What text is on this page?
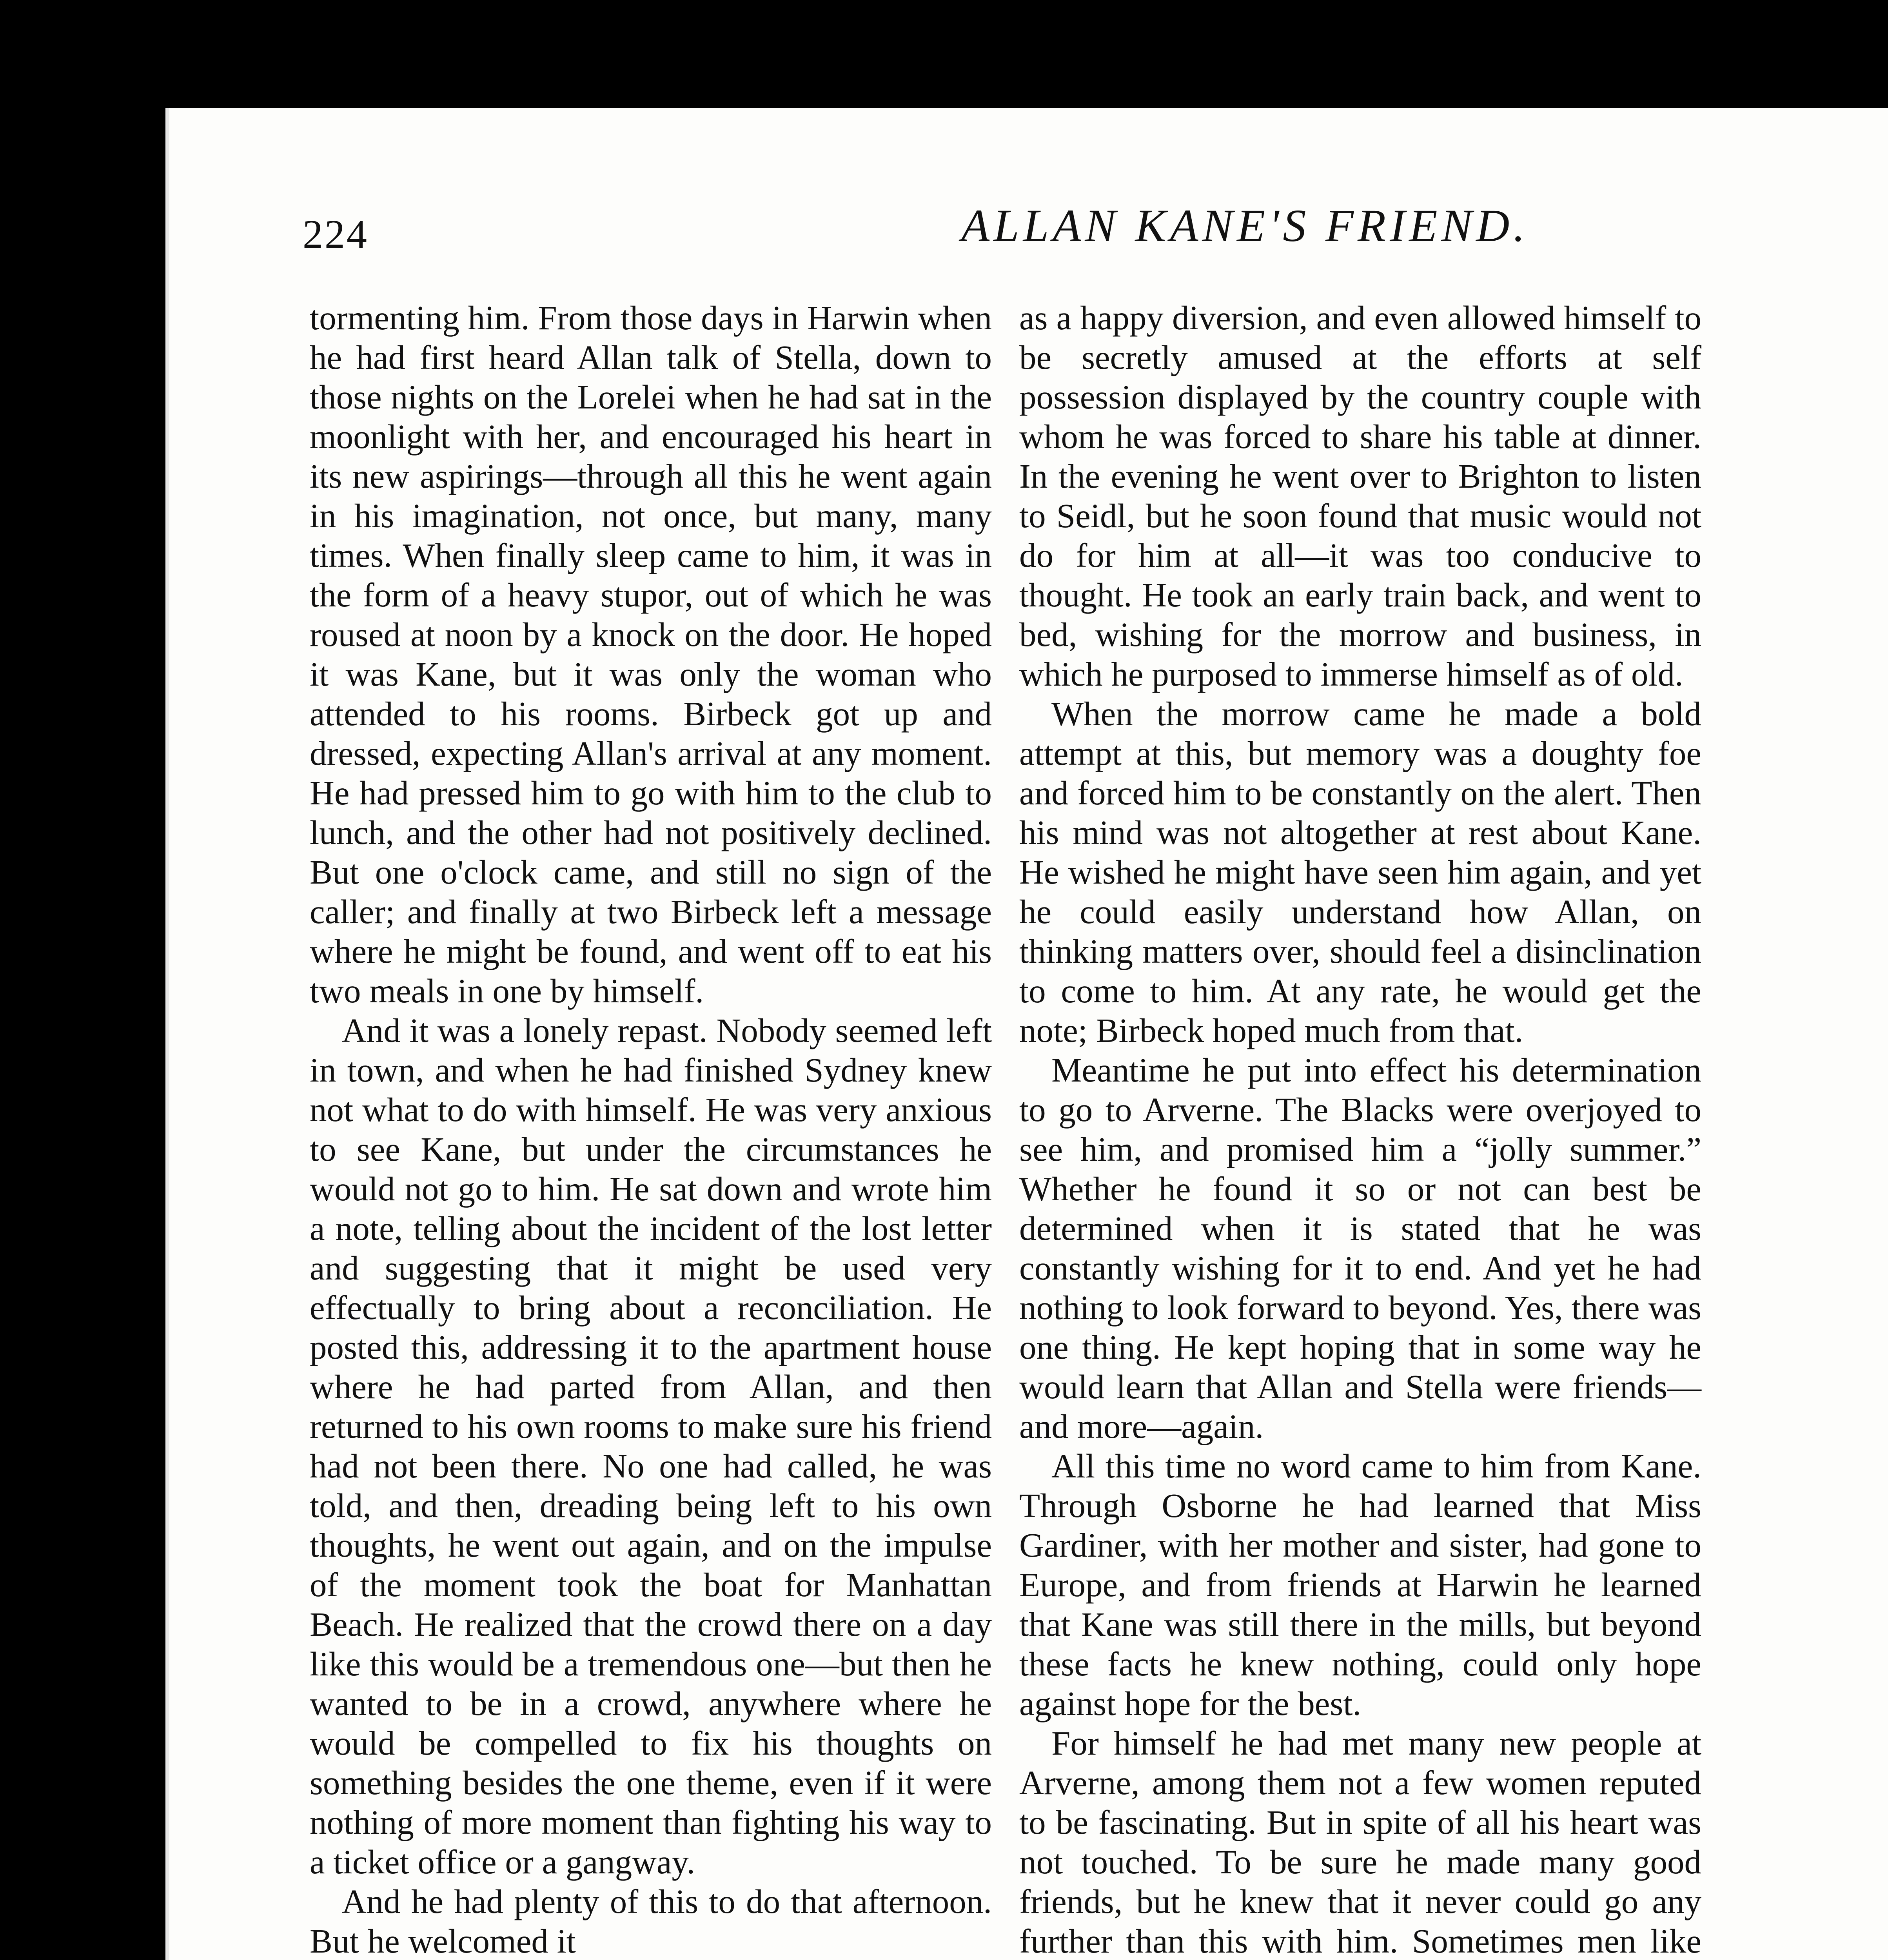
224	ALLAN KANE'S FRIEND.

tormenting him. From those days in Harwin when he had first heard Allan talk of Stella, down to those nights on the Lorelei when he had sat in the moonlight with her, and encouraged his heart in its new aspirings—through all this he went again in his imagination, not once, but many, many times. When finally sleep came to him, it was in the form of a heavy stupor, out of which he was roused at noon by a knock on the door. He hoped it was Kane, but it was only the woman who attended to his rooms. Birbeck got up and dressed, expecting Allan's arrival at any moment. He had pressed him to go with him to the club to lunch, and the other had not positively declined. But one o'clock came, and still no sign of the caller; and finally at two Birbeck left a message where he might be found, and went off to eat his two meals in one by himself.

And it was a lonely repast. Nobody seemed left in town, and when he had finished Sydney knew not what to do with himself. He was very anxious to see Kane, but under the circumstances he would not go to him. He sat down and wrote him a note, telling about the incident of the lost letter and suggesting that it might be used very effectually to bring about a reconciliation. He posted this, addressing it to the apartment house where he had parted from Allan, and then returned to his own rooms to make sure his friend had not been there. No one had called, he was told, and then, dreading being left to his own thoughts, he went out again, and on the impulse of the moment took the boat for Manhattan Beach. He realized that the crowd there on a day like this would be a tremendous one—but then he wanted to be in a crowd, anywhere where he would be compelled to fix his thoughts on something besides the one theme, even if it were nothing of more moment than fighting his way to a ticket office or a gangway.

And he had plenty of this to do that afternoon. But he welcomed it

as a happy diversion, and even allowed himself to be secretly amused at the efforts at self possession displayed by the country couple with whom he was forced to share his table at dinner. In the evening he went over to Brighton to listen to Seidl, but he soon found that music would not do for him at all—it was too conducive to thought. He took an early train back, and went to bed, wishing for the morrow and business, in which he purposed to immerse himself as of old.

When the morrow came he made a bold attempt at this, but memory was a doughty foe and forced him to be constantly on the alert. Then his mind was not altogether at rest about Kane. He wished he might have seen him again, and yet he could easily understand how Allan, on thinking matters over, should feel a disinclination to come to him. At any rate, he would get the note; Birbeck hoped much from that.

Meantime he put into effect his determination to go to Arverne. The Blacks were overjoyed to see him, and promised him a “jolly summer.” Whether he found it so or not can best be determined when it is stated that he was constantly wishing for it to end. And yet he had nothing to look forward to beyond. Yes, there was one thing. He kept hoping that in some way he would learn that Allan and Stella were friends—and more—again.

All this time no word came to him from Kane. Through Osborne he had learned that Miss Gardiner, with her mother and sister, had gone to Europe, and from friends at Harwin he learned that Kane was still there in the mills, but beyond these facts he knew nothing, could only hope against hope for the best.

For himself he had met many new people at Arverne, among them not a few women reputed to be fascinating. But in spite of all his heart was not touched. To be sure he made many good friends, but he knew that it never could go any further than this with him. Sometimes men like
